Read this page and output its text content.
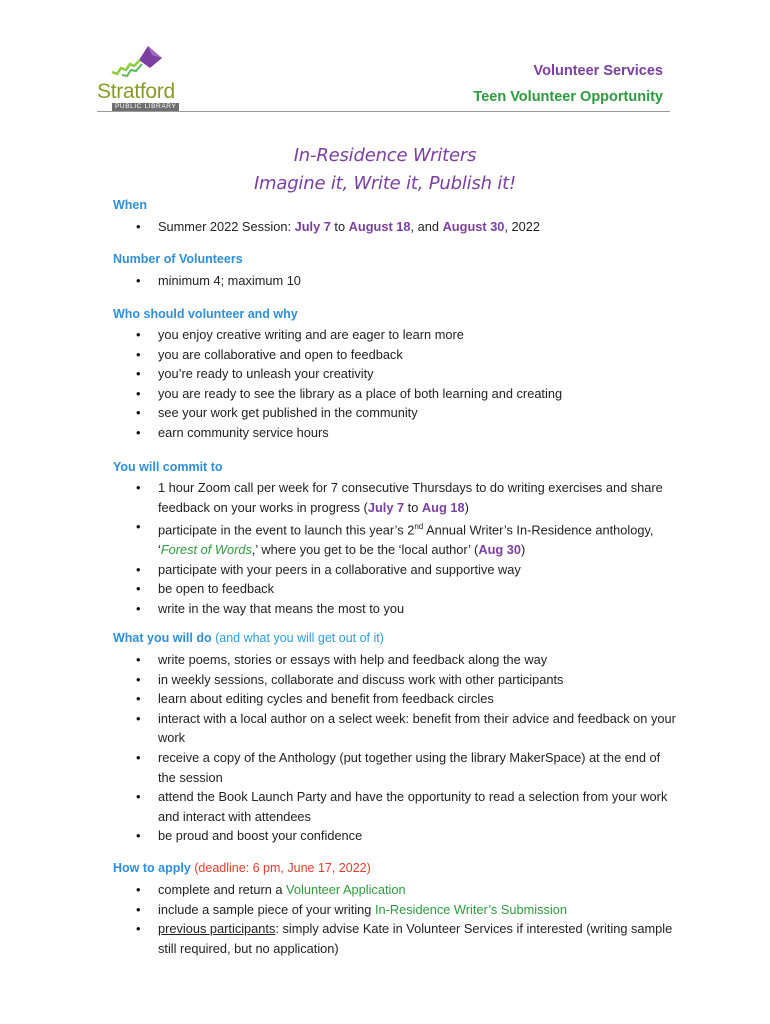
Stratford
PUBLIC LIBRARY
Volunteer Services
Teen Volunteer Opportunity
In-Residence Writers
Imagine it, Write it, Publish it!
When
• Summer 2022 Session: July 7 to August 18, and August 30, 2022
Number of Volunteers
• minimum 4; maximum 10
Who should volunteer and why
• you enjoy creative writing and are eager to learn more
• you are collaborative and open to feedback
• you’re ready to unleash your creativity
• you are ready to see the library as a place of both learning and creating
• see your work get published in the community
• earn community service hours
You will commit to
• 1 hour Zoom call per week for 7 consecutive Thursdays to do writing exercises and share feedback on your works in progress (July 7 to Aug 18)
• participate in the event to launch this year’s 2nd Annual Writer’s In-Residence anthology, ‘Forest of Words,’ where you get to be the ‘local author’ (Aug 30)
• participate with your peers in a collaborative and supportive way
• be open to feedback
• write in the way that means the most to you
What you will do (and what you will get out of it)
• write poems, stories or essays with help and feedback along the way
• in weekly sessions, collaborate and discuss work with other participants
• learn about editing cycles and benefit from feedback circles
• interact with a local author on a select week: benefit from their advice and feedback on your work
• receive a copy of the Anthology (put together using the library MakerSpace) at the end of the session
• attend the Book Launch Party and have the opportunity to read a selection from your work and interact with attendees
• be proud and boost your confidence
How to apply (deadline: 6 pm, June 17, 2022)
• complete and return a Volunteer Application
• include a sample piece of your writing In-Residence Writer’s Submission
• previous participants: simply advise Kate in Volunteer Services if interested (writing sample still required, but no application)
